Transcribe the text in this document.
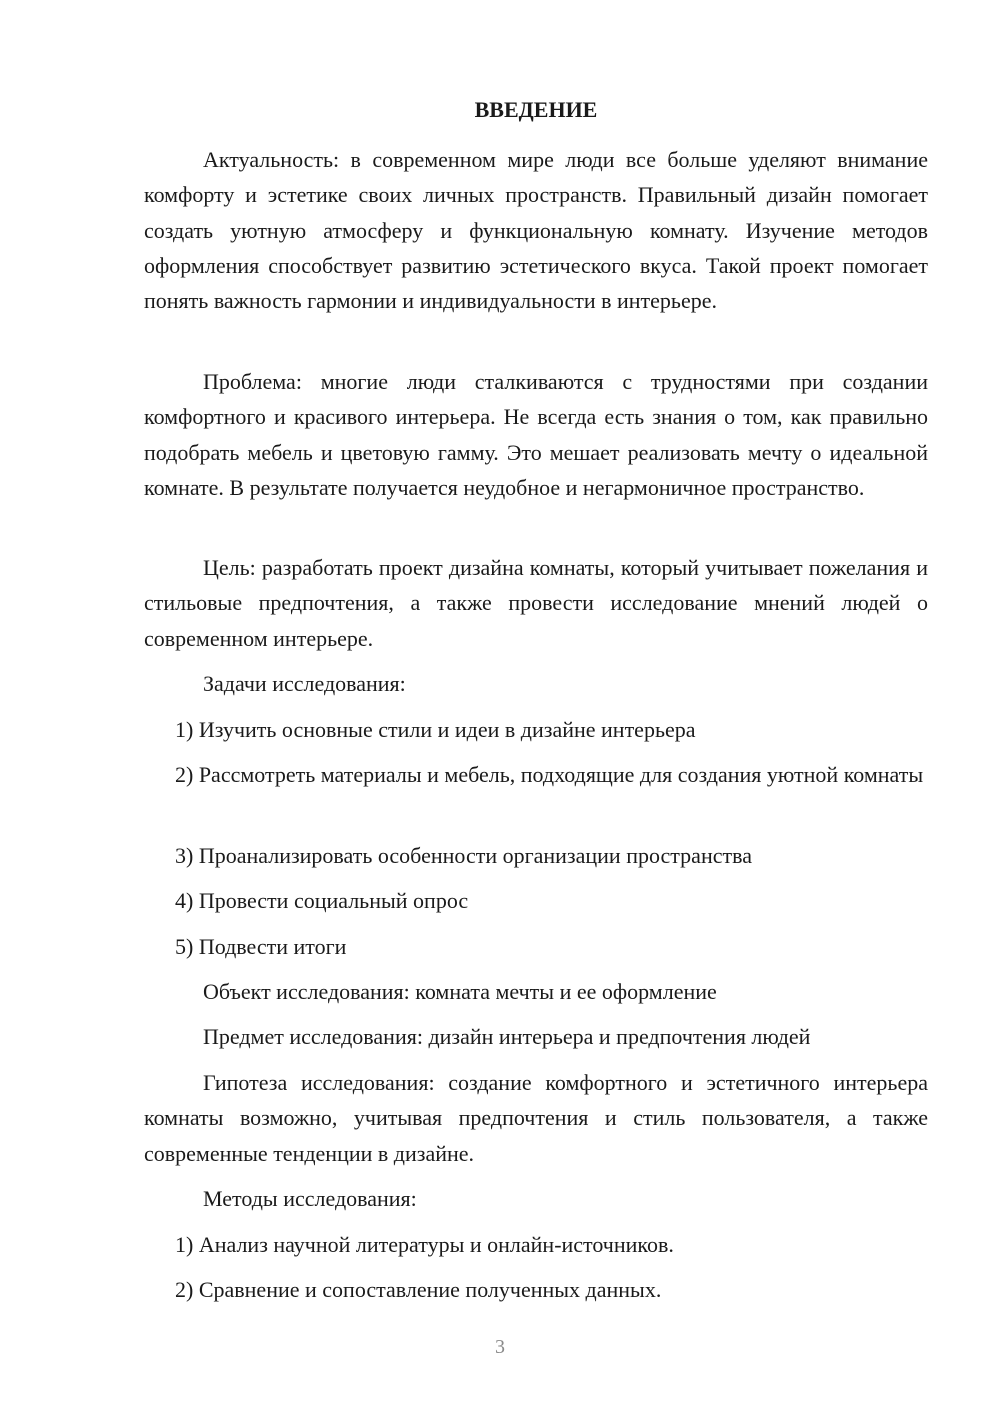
ВВЕДЕНИЕ

Актуальность: в современном мире люди все больше уделяют внимание комфорту и эстетике своих личных пространств. Правильный дизайн помогает создать уютную атмосферу и функциональную комнату. Изучение методов оформления способствует развитию эстетического вкуса. Такой проект помогает понять важность гармонии и индивидуальности в интерьере.

Проблема: многие люди сталкиваются с трудностями при создании комфортного и красивого интерьера. Не всегда есть знания о том, как правильно подобрать мебель и цветовую гамму. Это мешает реализовать мечту о идеальной комнате. В результате получается неудобное и негармоничное пространство.

Цель: разработать проект дизайна комнаты, который учитывает пожелания и стильовые предпочтения, а также провести исследование мнений людей о современном интерьере.

Задачи исследования:

1) Изучить основные стили и идеи в дизайне интерьера

2) Рассмотреть материалы и мебель, подходящие для создания уютной комнаты

3) Проанализировать особенности организации пространства

4) Провести социальный опрос

5) Подвести итоги

Объект исследования: комната мечты и ее оформление

Предмет исследования: дизайн интерьера и предпочтения людей

Гипотеза исследования: создание комфортного и эстетичного интерьера комнаты возможно, учитывая предпочтения и стиль пользователя, а также современные тенденции в дизайне.

Методы исследования:

1) Анализ научной литературы и онлайн-источников.

2) Сравнение и сопоставление полученных данных.

3
